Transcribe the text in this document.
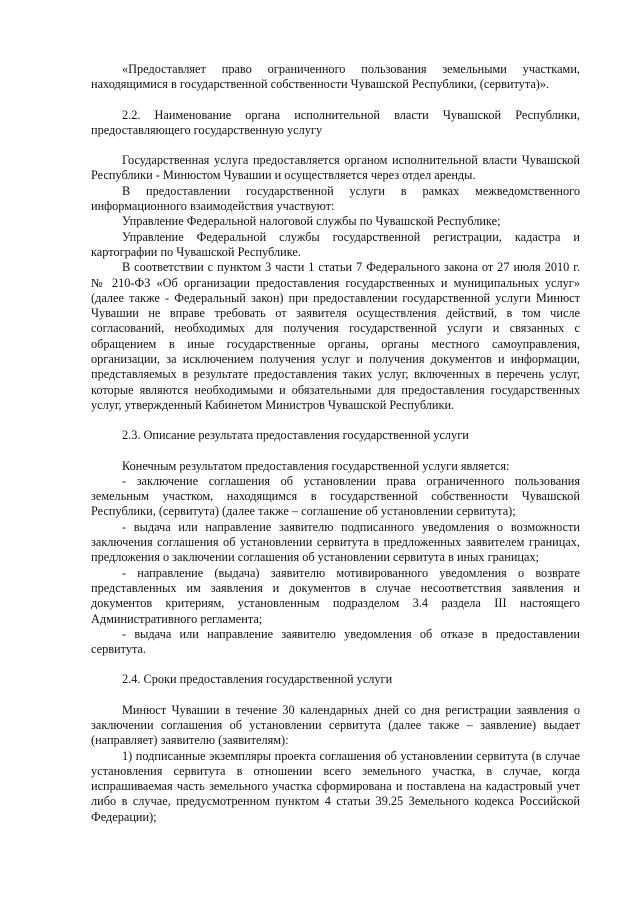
«Предоставляет право ограниченного пользования земельными участками, находящимися в государственной собственности Чувашской Республики, (сервитута)».

2.2. Наименование органа исполнительной власти Чувашской Республики, предоставляющего государственную услугу

Государственная услуга предоставляется органом исполнительной власти Чувашской Республики - Минюстом Чувашии и осуществляется через отдел аренды.

В предоставлении государственной услуги в рамках межведомственного информационного взаимодействия участвуют:

Управление Федеральной налоговой службы по Чувашской Республике;

Управление Федеральной службы государственной регистрации, кадастра и картографии по Чувашской Республике.

В соответствии с пунктом 3 части 1 статьи 7 Федерального закона от 27 июля 2010 г. № 210-ФЗ «Об организации предоставления государственных и муниципальных услуг» (далее также - Федеральный закон) при предоставлении государственной услуги Минюст Чувашии не вправе требовать от заявителя осуществления действий, в том числе согласований, необходимых для получения государственной услуги и связанных с обращением в иные государственные органы, органы местного самоуправления, организации, за исключением получения услуг и получения документов и информации, представляемых в результате предоставления таких услуг, включенных в перечень услуг, которые являются необходимыми и обязательными для предоставления государственных услуг, утвержденный Кабинетом Министров Чувашской Республики.

2.3. Описание результата предоставления государственной услуги

Конечным результатом предоставления государственной услуги является:

- заключение соглашения об установлении права ограниченного пользования земельным участком, находящимся в государственной собственности Чувашской Республики, (сервитута) (далее также – соглашение об установлении сервитута);

- выдача или направление заявителю подписанного уведомления о возможности заключения соглашения об установлении сервитута в предложенных заявителем границах, предложения о заключении соглашения об установлении сервитута в иных границах;

- направление (выдача) заявителю мотивированного уведомления о возврате представленных им заявления и документов в случае несоответствия заявления и документов критериям, установленным подразделом 3.4 раздела III настоящего Административного регламента;

- выдача или направление заявителю уведомления об отказе в предоставлении сервитута.

2.4. Сроки предоставления государственной услуги

Минюст Чувашии в течение 30 календарных дней со дня регистрации заявления о заключении соглашения об установлении сервитута (далее также – заявление) выдает (направляет) заявителю (заявителям):

1) подписанные экземпляры проекта соглашения об установлении сервитута (в случае установления сервитута в отношении всего земельного участка, в случае, когда испрашиваемая часть земельного участка сформирована и поставлена на кадастровый учет либо в случае, предусмотренном пунктом 4 статьи 39.25 Земельного кодекса Российской Федерации);
